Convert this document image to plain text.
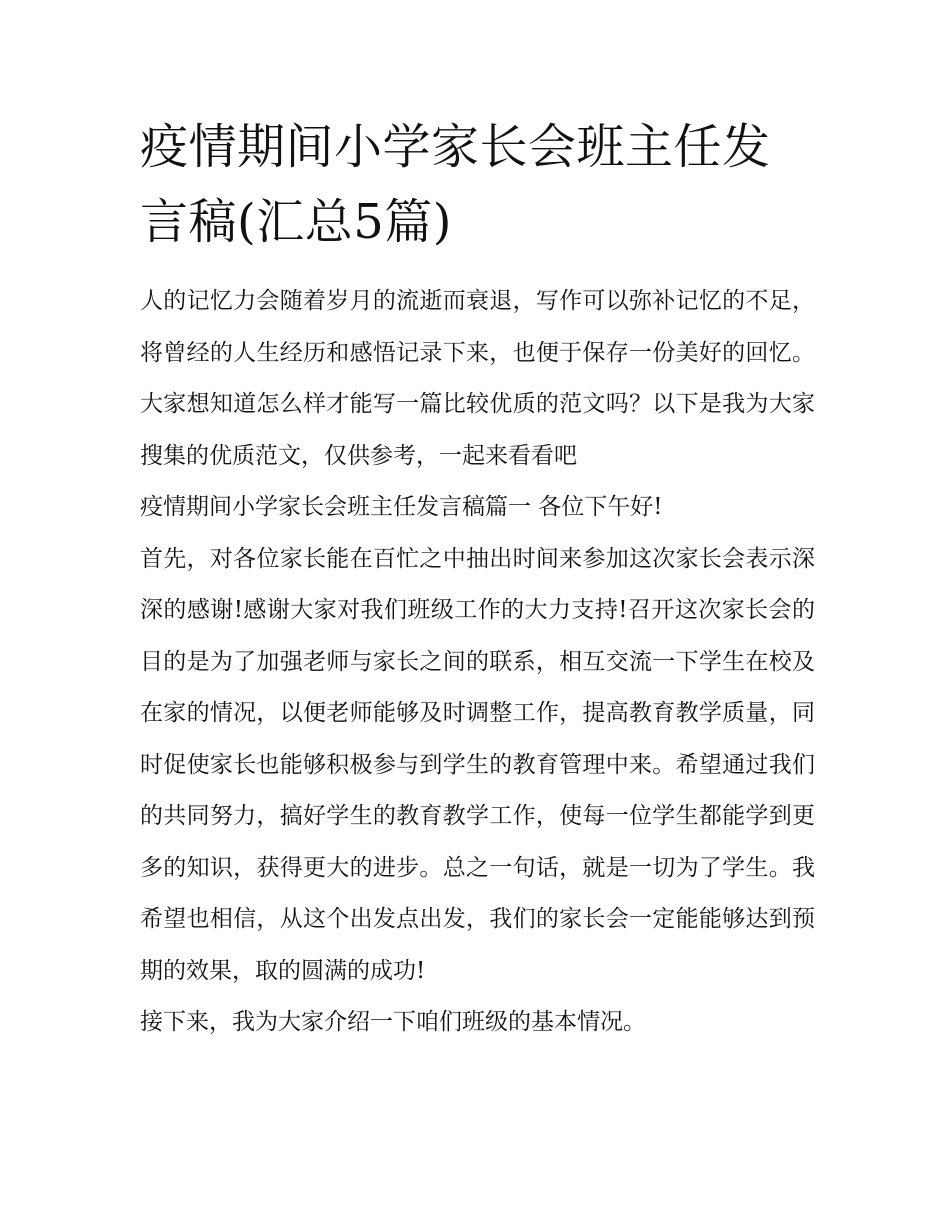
疫情期间小学家长会班主任发言稿(汇总5篇)

人的记忆力会随着岁月的流逝而衰退，写作可以弥补记忆的不足，将曾经的人生经历和感悟记录下来，也便于保存一份美好的回忆。大家想知道怎么样才能写一篇比较优质的范文吗？以下是我为大家搜集的优质范文，仅供参考，一起来看看吧

疫情期间小学家长会班主任发言稿篇一 各位下午好!

首先，对各位家长能在百忙之中抽出时间来参加这次家长会表示深深的感谢!感谢大家对我们班级工作的大力支持!召开这次家长会的目的是为了加强老师与家长之间的联系，相互交流一下学生在校及在家的情况，以便老师能够及时调整工作，提高教育教学质量，同时促使家长也能够积极参与到学生的教育管理中来。希望通过我们的共同努力，搞好学生的教育教学工作，使每一位学生都能学到更多的知识，获得更大的进步。总之一句话，就是一切为了学生。我希望也相信，从这个出发点出发，我们的家长会一定能能够达到预期的效果，取的圆满的成功!

接下来，我为大家介绍一下咱们班级的基本情况。
